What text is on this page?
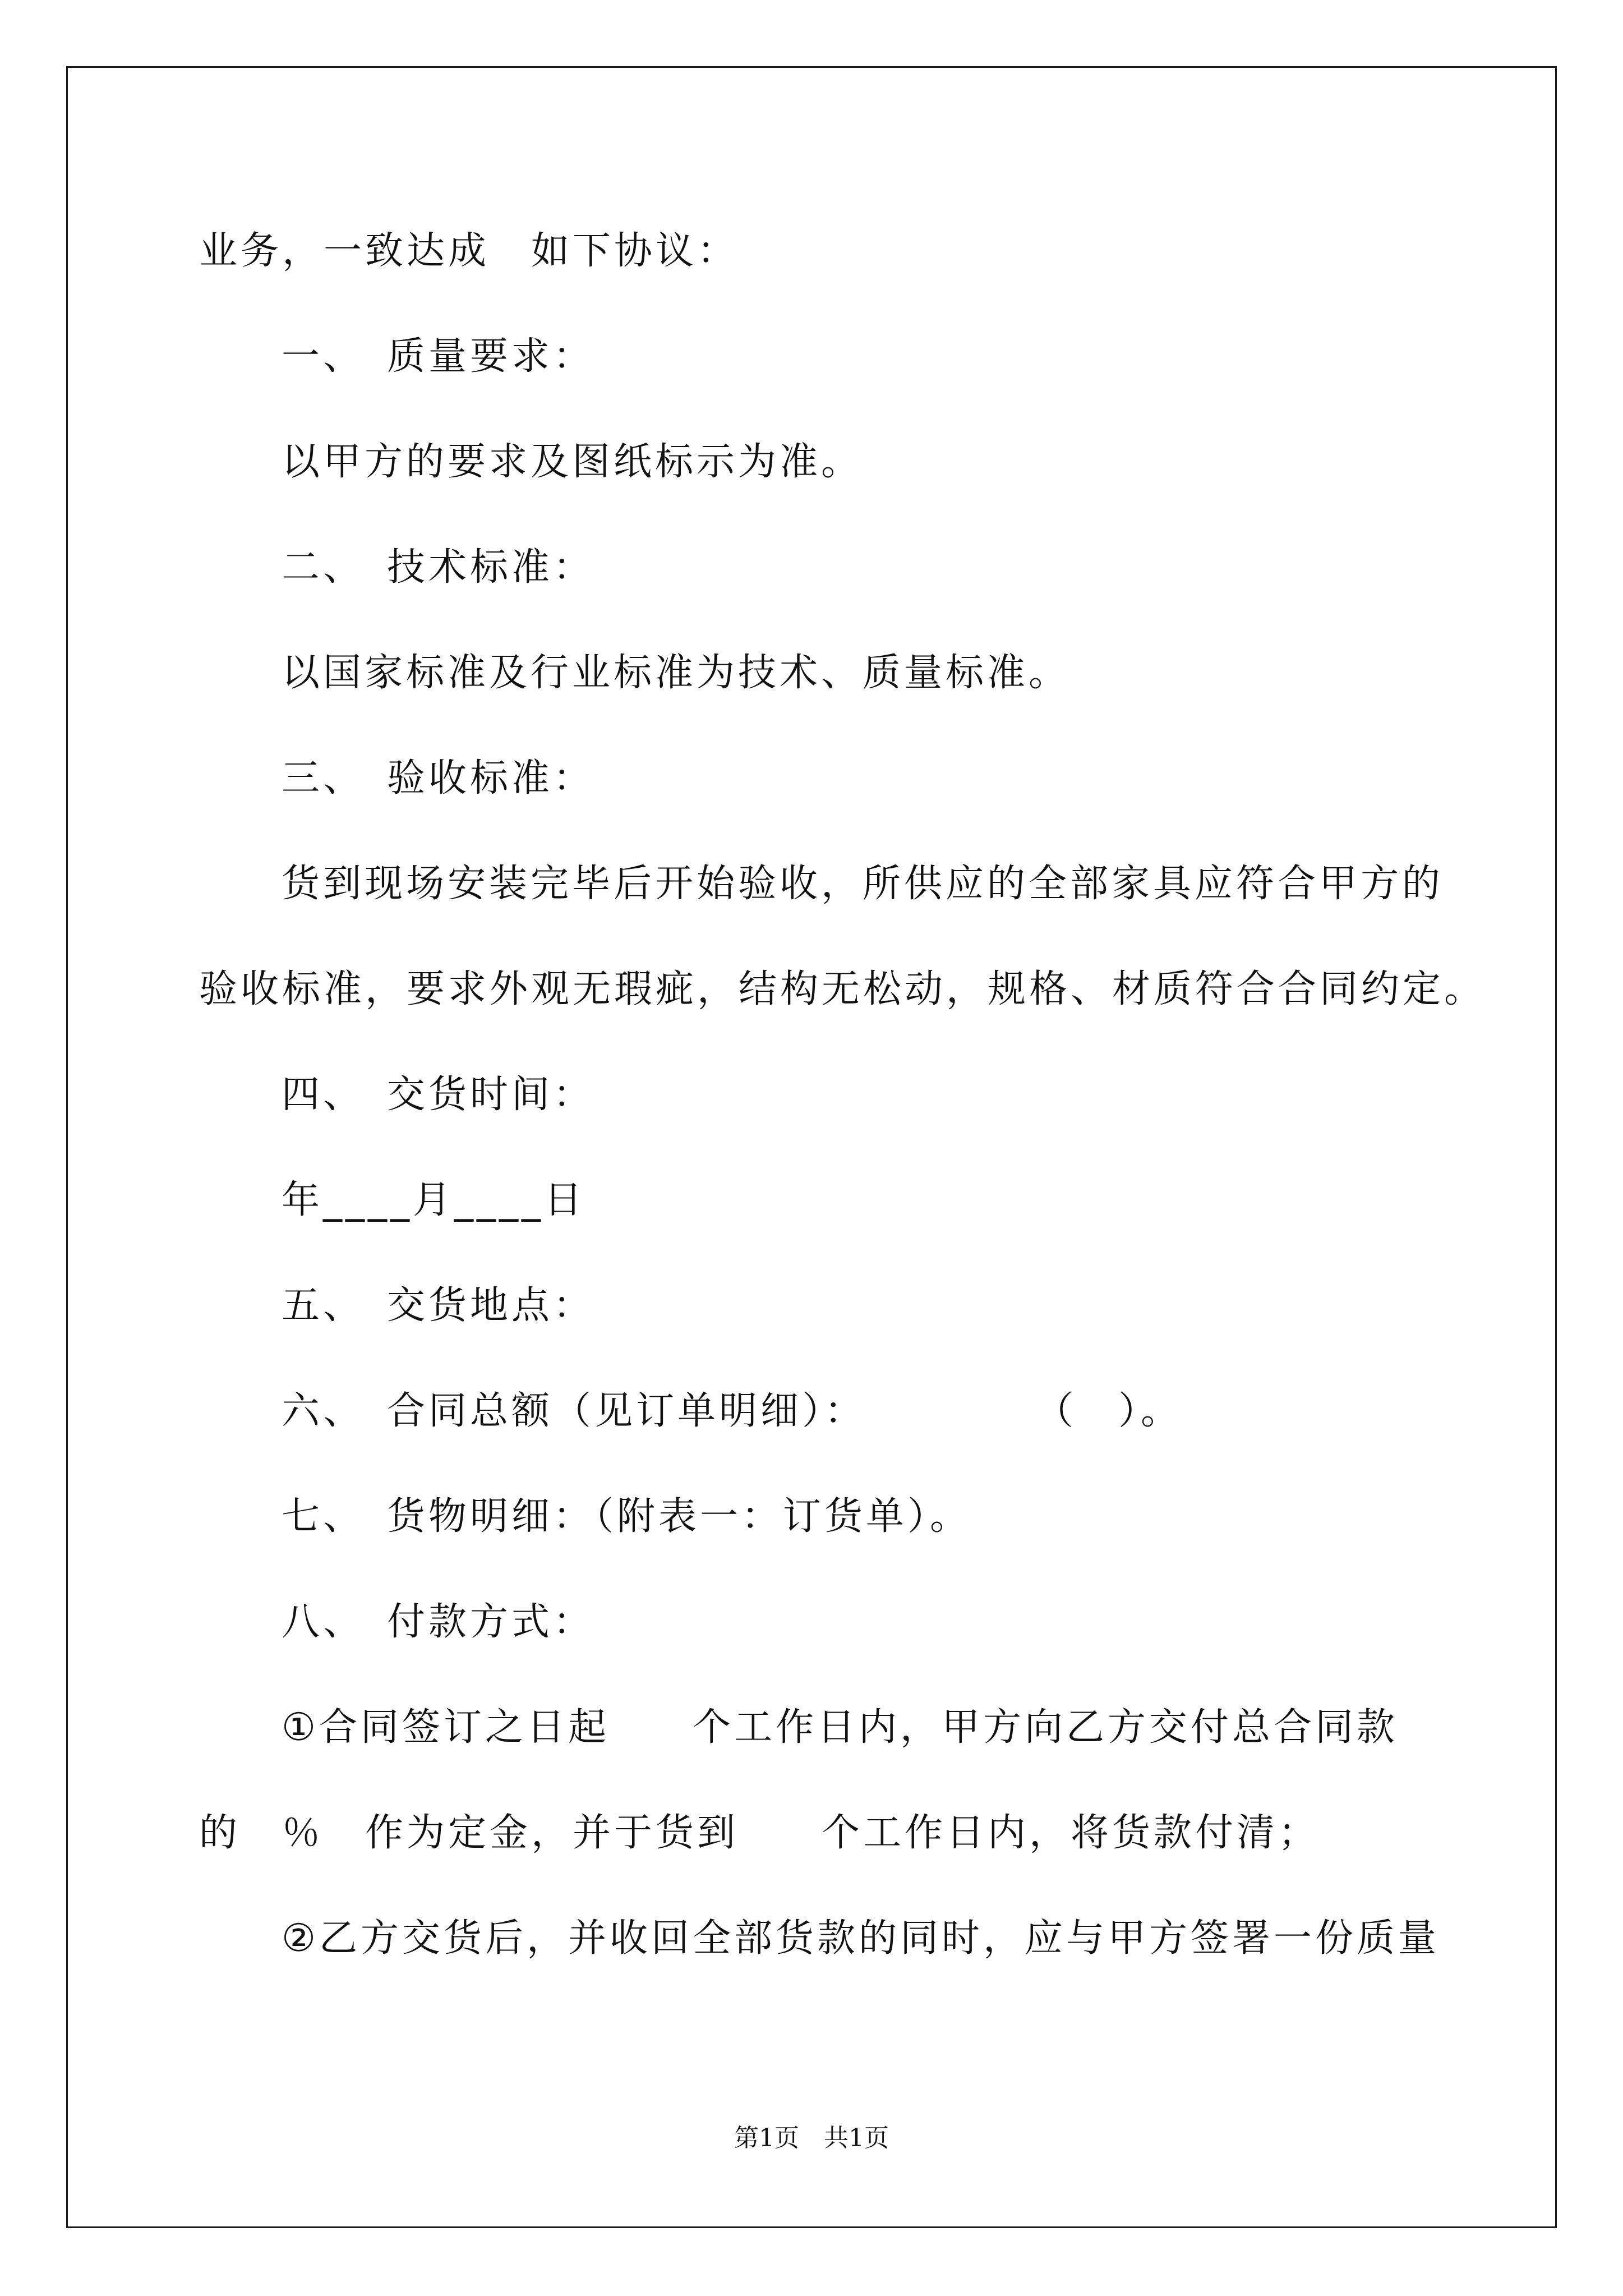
业务，一致达成　如下协议：
一、　质量要求：
以甲方的要求及图纸标示为准。
二、　技术标准：
以国家标准及行业标准为技术、质量标准。
三、　验收标准：
货到现场安装完毕后开始验收，所供应的全部家具应符合甲方的
验收标准，要求外观无瑕疵，结构无松动，规格、材质符合合同约定。
四、　交货时间：
年____月____日
五、　交货地点：
六、　合同总额（见订单明细）：　　　　　（　）。
七、　货物明细：（附表一：订货单）。
八、　付款方式：
①合同签订之日起　　个工作日内，甲方向乙方交付总合同款
的　％　作为定金，并于货到　　个工作日内，将货款付清；
②乙方交货后，并收回全部货款的同时，应与甲方签署一份质量
第1页　共1页
